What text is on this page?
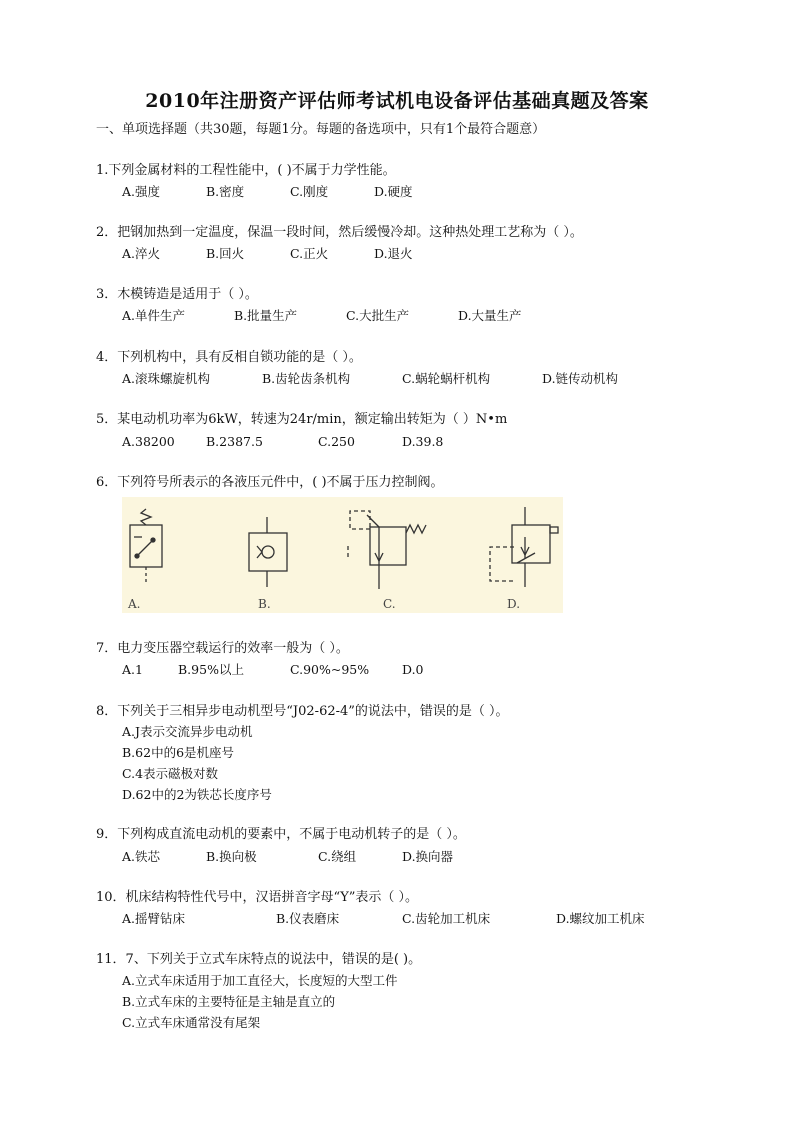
2010年注册资产评估师考试机电设备评估基础真题及答案
一、单项选择题（共30题，每题1分。每题的备选项中，只有1个最符合题意）
1.下列金属材料的工程性能中，( )不属于力学性能。
A.强度	B.密度	C.刚度	D.硬度
2．把钢加热到一定温度，保温一段时间，然后缓慢冷却。这种热处理工艺称为（ ）。
A.淬火	B.回火	C.正火	D.退火
3．木模铸造是适用于（ ）。
A.单件生产	B.批量生产	C.大批生产	D.大量生产
4．下列机构中，具有反相自锁功能的是（ ）。
A.滚珠螺旋机构	B.齿轮齿条机构	C.蜗轮蜗杆机构	D.链传动机构
5．某电动机功率为6kW，转速为24r/min，额定输出转矩为（ ）N•m
A.38200 B.2387.5	C.250	D.39.8
6．下列符号所表示的各液压元件中，( )不属于压力控制阀。
A.	B.	C.	D.
7．电力变压器空载运行的效率一般为（ ）。
A.1	B.95%以上	C.90%~95%	D.0
8．下列关于三相异步电动机型号“J02-62-4”的说法中，错误的是（ ）。
A.J表示交流异步电动机
B.62中的6是机座号
C.4表示磁极对数
D.62中的2为铁芯长度序号
9．下列构成直流电动机的要素中，不属于电动机转子的是（ ）。
A.铁芯	B.换向极	C.绕组	D.换向器
10．机床结构特性代号中，汉语拼音字母“Y”表示（ ）。
A.摇臂钻床	B.仪表磨床	C.齿轮加工机床	D.螺纹加工机床
11．7、下列关于立式车床特点的说法中，错误的是( )。
A.立式车床适用于加工直径大，长度短的大型工件
B.立式车床的主要特征是主轴是直立的
C.立式车床通常没有尾架
